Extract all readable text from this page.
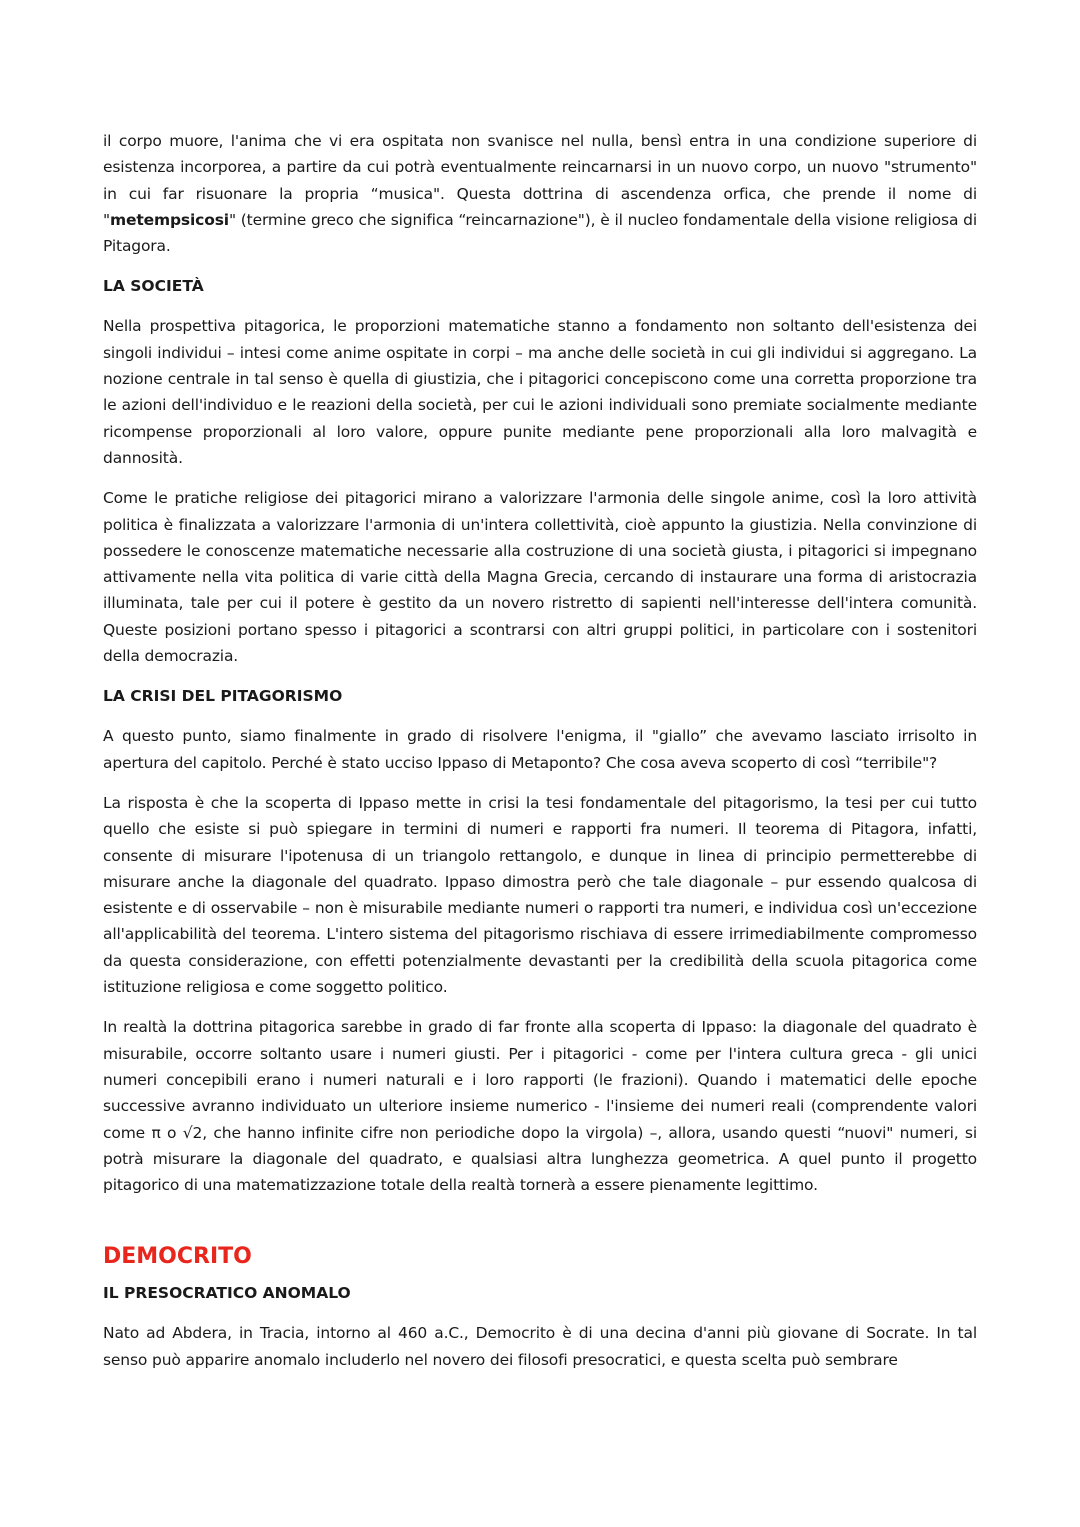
il corpo muore, l'anima che vi era ospitata non svanisce nel nulla, bensì entra in una condizione superiore di esistenza incorporea, a partire da cui potrà eventualmente reincarnarsi in un nuovo corpo, un nuovo "strumento" in cui far risuonare la propria “musica". Questa dottrina di ascendenza orfica, che prende il nome di "metempsicosi" (termine greco che significa “reincarnazione"), è il nucleo fondamentale della visione religiosa di Pitagora.

LA SOCIETÀ

Nella prospettiva pitagorica, le proporzioni matematiche stanno a fondamento non soltanto dell'esistenza dei singoli individui – intesi come anime ospitate in corpi – ma anche delle società in cui gli individui si aggregano. La nozione centrale in tal senso è quella di giustizia, che i pitagorici concepiscono come una corretta proporzione tra le azioni dell'individuo e le reazioni della società, per cui le azioni individuali sono premiate socialmente mediante ricompense proporzionali al loro valore, oppure punite mediante pene proporzionali alla loro malvagità e dannosità.

Come le pratiche religiose dei pitagorici mirano a valorizzare l'armonia delle singole anime, così la loro attività politica è finalizzata a valorizzare l'armonia di un'intera collettività, cioè appunto la giustizia. Nella convinzione di possedere le conoscenze matematiche necessarie alla costruzione di una società giusta, i pitagorici si impegnano attivamente nella vita politica di varie città della Magna Grecia, cercando di instaurare una forma di aristocrazia illuminata, tale per cui il potere è gestito da un novero ristretto di sapienti nell'interesse dell'intera comunità. Queste posizioni portano spesso i pitagorici a scontrarsi con altri gruppi politici, in particolare con i sostenitori della democrazia.

LA CRISI DEL PITAGORISMO

A questo punto, siamo finalmente in grado di risolvere l'enigma, il "giallo” che avevamo lasciato irrisolto in apertura del capitolo. Perché è stato ucciso Ippaso di Metaponto? Che cosa aveva scoperto di così “terribile"?

La risposta è che la scoperta di Ippaso mette in crisi la tesi fondamentale del pitagorismo, la tesi per cui tutto quello che esiste si può spiegare in termini di numeri e rapporti fra numeri. Il teorema di Pitagora, infatti, consente di misurare l'ipotenusa di un triangolo rettangolo, e dunque in linea di principio permetterebbe di misurare anche la diagonale del quadrato. Ippaso dimostra però che tale diagonale – pur essendo qualcosa di esistente e di osservabile – non è misurabile mediante numeri o rapporti tra numeri, e individua così un'eccezione all'applicabilità del teorema. L'intero sistema del pitagorismo rischiava di essere irrimediabilmente compromesso da questa considerazione, con effetti potenzialmente devastanti per la credibilità della scuola pitagorica come istituzione religiosa e come soggetto politico.

In realtà la dottrina pitagorica sarebbe in grado di far fronte alla scoperta di Ippaso: la diagonale del quadrato è misurabile, occorre soltanto usare i numeri giusti. Per i pitagorici - come per l'intera cultura greca - gli unici numeri concepibili erano i numeri naturali e i loro rapporti (le frazioni). Quando i matematici delle epoche successive avranno individuato un ulteriore insieme numerico - l'insieme dei numeri reali (comprendente valori come π o √2, che hanno infinite cifre non periodiche dopo la virgola) –, allora, usando questi “nuovi" numeri, si potrà misurare la diagonale del quadrato, e qualsiasi altra lunghezza geometrica. A quel punto il progetto pitagorico di una matematizzazione totale della realtà tornerà a essere pienamente legittimo.

DEMOCRITO
IL PRESOCRATICO ANOMALO

Nato ad Abdera, in Tracia, intorno al 460 a.C., Democrito è di una decina d'anni più giovane di Socrate. In tal senso può apparire anomalo includerlo nel novero dei filosofi presocratici, e questa scelta può sembrare
